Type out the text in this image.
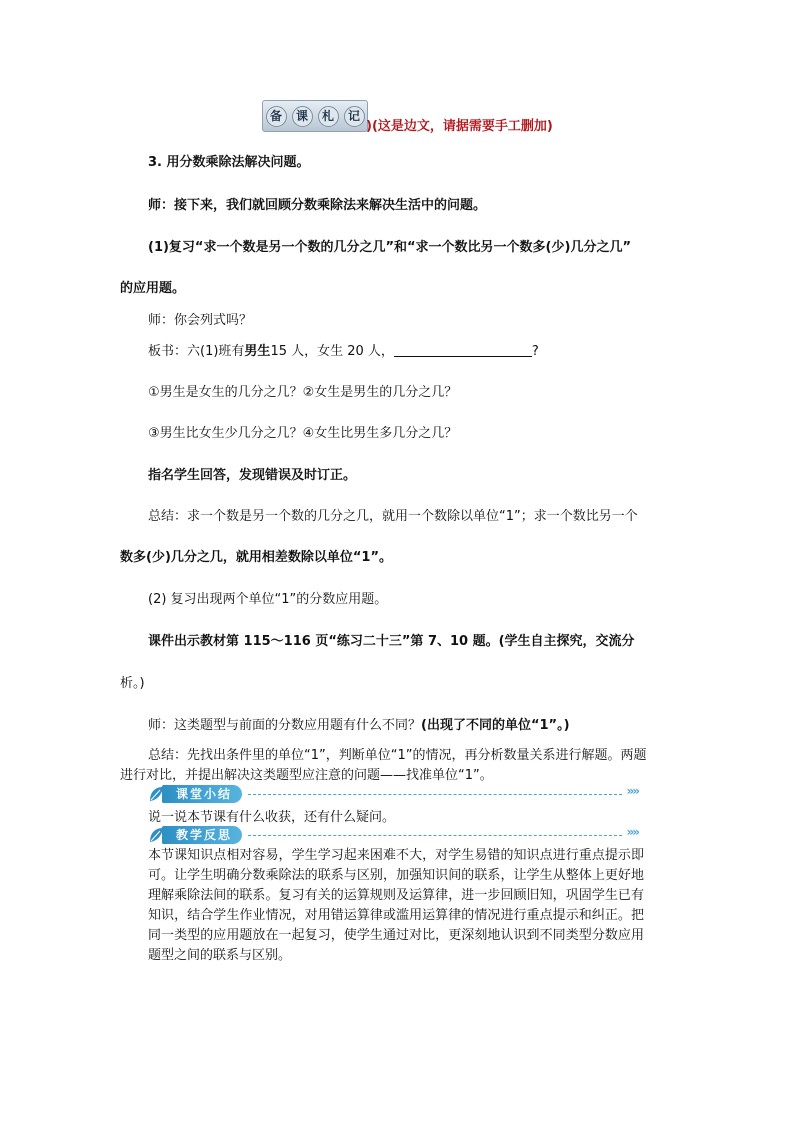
备	课	札	记
)(这是边文，请据需要手工删加)
3. 用分数乘除法解决问题。
师：接下来，我们就回顾分数乘除法来解决生活中的问题。
(1)复习“求一个数是另一个数的几分之几”和“求一个数比另一个数多(少)几分之几”
的应用题。
师：你会列式吗？
板书：六(1)班有男生15 人，女生 20 人，	?
①男生是女生的几分之几？②女生是男生的几分之几？
③男生比女生少几分之几？④女生比男生多几分之几？
指名学生回答，发现错误及时订正。
总结：求一个数是另一个数的几分之几，就用一个数除以单位“1”；求一个数比另一个
数多(少)几分之几，就用相差数除以单位“1”。
(2) 复习出现两个单位“1”的分数应用题。
课件出示教材第 115～116 页“练习二十三”第 7、10 题。(学生自主探究，交流分
析。)
师：这类题型与前面的分数应用题有什么不同？(出现了不同的单位“1”。)
总结：先找出条件里的单位“1”，判断单位“1”的情况，再分析数量关系进行解题。两题
进行对比，并提出解决这类题型应注意的问题——找准单位“1”。
课堂小结	»»
说一说本节课有什么收获，还有什么疑问。
教学反思	»»
本节课知识点相对容易，学生学习起来困难不大，对学生易错的知识点进行重点提示即可。让学生明确分数乘除法的联系与区别，加强知识间的联系，让学生从整体上更好地理解乘除法间的联系。复习有关的运算规则及运算律，进一步回顾旧知，巩固学生已有知识，结合学生作业情况，对用错运算律或滥用运算律的情况进行重点提示和纠正。把同一类型的应用题放在一起复习，使学生通过对比，更深刻地认识到不同类型分数应用题型之间的联系与区别。
